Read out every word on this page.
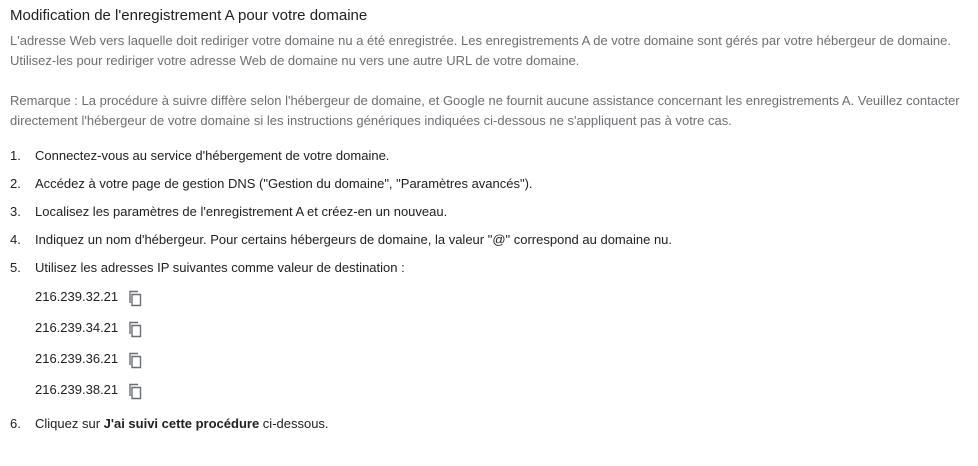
Modification de l'enregistrement A pour votre domaine

L'adresse Web vers laquelle doit rediriger votre domaine nu a été enregistrée. Les enregistrements A de votre domaine sont gérés par votre hébergeur de domaine. Utilisez-les pour rediriger votre adresse Web de domaine nu vers une autre URL de votre domaine.

Remarque : La procédure à suivre diffère selon l'hébergeur de domaine, et Google ne fournit aucune assistance concernant les enregistrements A. Veuillez contacter directement l'hébergeur de votre domaine si les instructions génériques indiquées ci-dessous ne s'appliquent pas à votre cas.

1.	Connectez-vous au service d'hébergement de votre domaine.
2.	Accédez à votre page de gestion DNS ("Gestion du domaine", "Paramètres avancés").
3.	Localisez les paramètres de l'enregistrement A et créez-en un nouveau.
4.	Indiquez un nom d'hébergeur. Pour certains hébergeurs de domaine, la valeur "@" correspond au domaine nu.
5.	Utilisez les adresses IP suivantes comme valeur de destination :
216.239.32.21
216.239.34.21
216.239.36.21
216.239.38.21
6.	Cliquez sur J'ai suivi cette procédure ci-dessous.
